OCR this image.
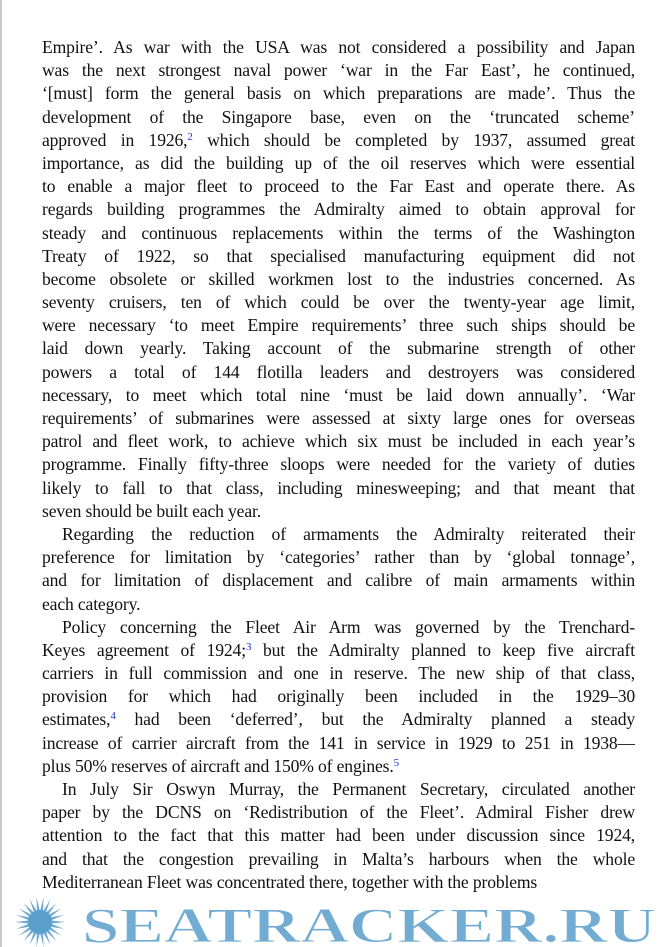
Empire’. As war with the USA was not considered a possibility and Japan
was the next strongest naval power ‘war in the Far East’, he continued,
‘[must] form the general basis on which preparations are made’. Thus the
development of the Singapore base, even on the ‘truncated scheme’
approved in 1926,$^2$ which should be completed by 1937, assumed great
importance, as did the building up of the oil reserves which were essential
to enable a major fleet to proceed to the Far East and operate there. As
regards building programmes the Admiralty aimed to obtain approval for
steady and continuous replacements within the terms of the Washington
Treaty of 1922, so that specialised manufacturing equipment did not
become obsolete or skilled workmen lost to the industries concerned. As
seventy cruisers, ten of which could be over the twenty-year age limit,
were necessary ‘to meet Empire requirements’ three such ships should be
laid down yearly. Taking account of the submarine strength of other
powers a total of 144 flotilla leaders and destroyers was considered
necessary, to meet which total nine ‘must be laid down annually’. ‘War
requirements’ of submarines were assessed at sixty large ones for overseas
patrol and fleet work, to achieve which six must be included in each year’s
programme. Finally fifty-three sloops were needed for the variety of duties
likely to fall to that class, including minesweeping; and that meant that
seven should be built each year.
Regarding the reduction of armaments the Admiralty reiterated their
preference for limitation by ‘categories’ rather than by ‘global tonnage’,
and for limitation of displacement and calibre of main armaments within
each category.
Policy concerning the Fleet Air Arm was governed by the Trenchard-
Keyes agreement of 1924;$^3$ but the Admiralty planned to keep five aircraft
carriers in full commission and one in reserve. The new ship of that class,
provision for which had originally been included in the 1929–30
estimates,$^4$ had been ‘deferred’, but the Admiralty planned a steady
increase of carrier aircraft from the 141 in service in 1929 to 251 in 1938—
plus 50% reserves of aircraft and 150% of engines.$^5$
In July Sir Oswyn Murray, the Permanent Secretary, circulated another
paper by the DCNS on ‘Redistribution of the Fleet’. Admiral Fisher drew
attention to the fact that this matter had been under discussion since 1924,
and that the congestion prevailing in Malta’s harbours when the whole
Mediterranean Fleet was concentrated there, together with the problems
SEATRACKER.RU
